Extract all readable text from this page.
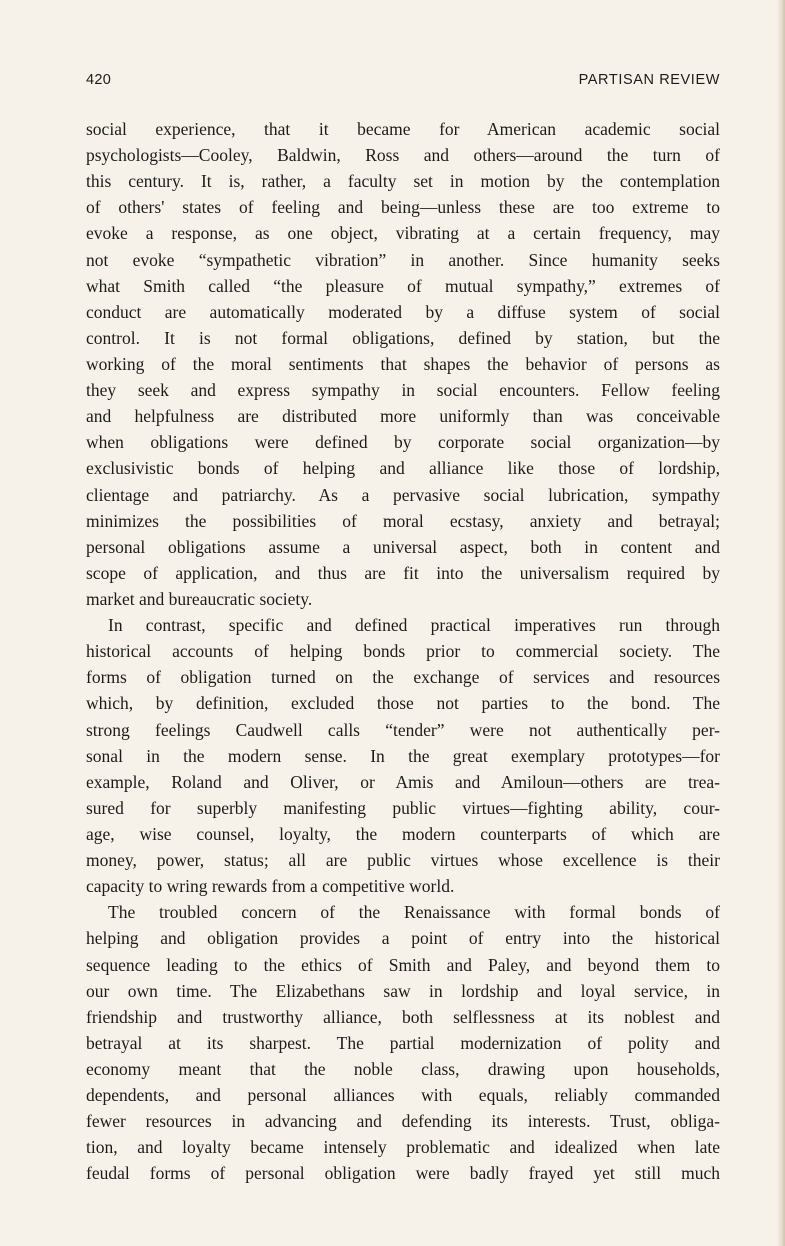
420	PARTISAN REVIEW
social experience, that it became for American academic social
psychologists—Cooley, Baldwin, Ross and others—around the turn of
this century. It is, rather, a faculty set in motion by the contemplation
of others' states of feeling and being—unless these are too extreme to
evoke a response, as one object, vibrating at a certain frequency, may
not evoke “sympathetic vibration” in another. Since humanity seeks
what Smith called “the pleasure of mutual sympathy,” extremes of
conduct are automatically moderated by a diffuse system of social
control. It is not formal obligations, defined by station, but the
working of the moral sentiments that shapes the behavior of persons as
they seek and express sympathy in social encounters. Fellow feeling
and helpfulness are distributed more uniformly than was conceivable
when obligations were defined by corporate social organization—by
exclusivistic bonds of helping and alliance like those of lordship,
clientage and patriarchy. As a pervasive social lubrication, sympathy
minimizes the possibilities of moral ecstasy, anxiety and betrayal;
personal obligations assume a universal aspect, both in content and
scope of application, and thus are fit into the universalism required by
market and bureaucratic society.
In contrast, specific and defined practical imperatives run through
historical accounts of helping bonds prior to commercial society. The
forms of obligation turned on the exchange of services and resources
which, by definition, excluded those not parties to the bond. The
strong feelings Caudwell calls “tender” were not authentically per-
sonal in the modern sense. In the great exemplary prototypes—for
example, Roland and Oliver, or Amis and Amiloun—others are trea-
sured for superbly manifesting public virtues—fighting ability, cour-
age, wise counsel, loyalty, the modern counterparts of which are
money, power, status; all are public virtues whose excellence is their
capacity to wring rewards from a competitive world.
The troubled concern of the Renaissance with formal bonds of
helping and obligation provides a point of entry into the historical
sequence leading to the ethics of Smith and Paley, and beyond them to
our own time. The Elizabethans saw in lordship and loyal service, in
friendship and trustworthy alliance, both selflessness at its noblest and
betrayal at its sharpest. The partial modernization of polity and
economy meant that the noble class, drawing upon households,
dependents, and personal alliances with equals, reliably commanded
fewer resources in advancing and defending its interests. Trust, obliga-
tion, and loyalty became intensely problematic and idealized when late
feudal forms of personal obligation were badly frayed yet still much
